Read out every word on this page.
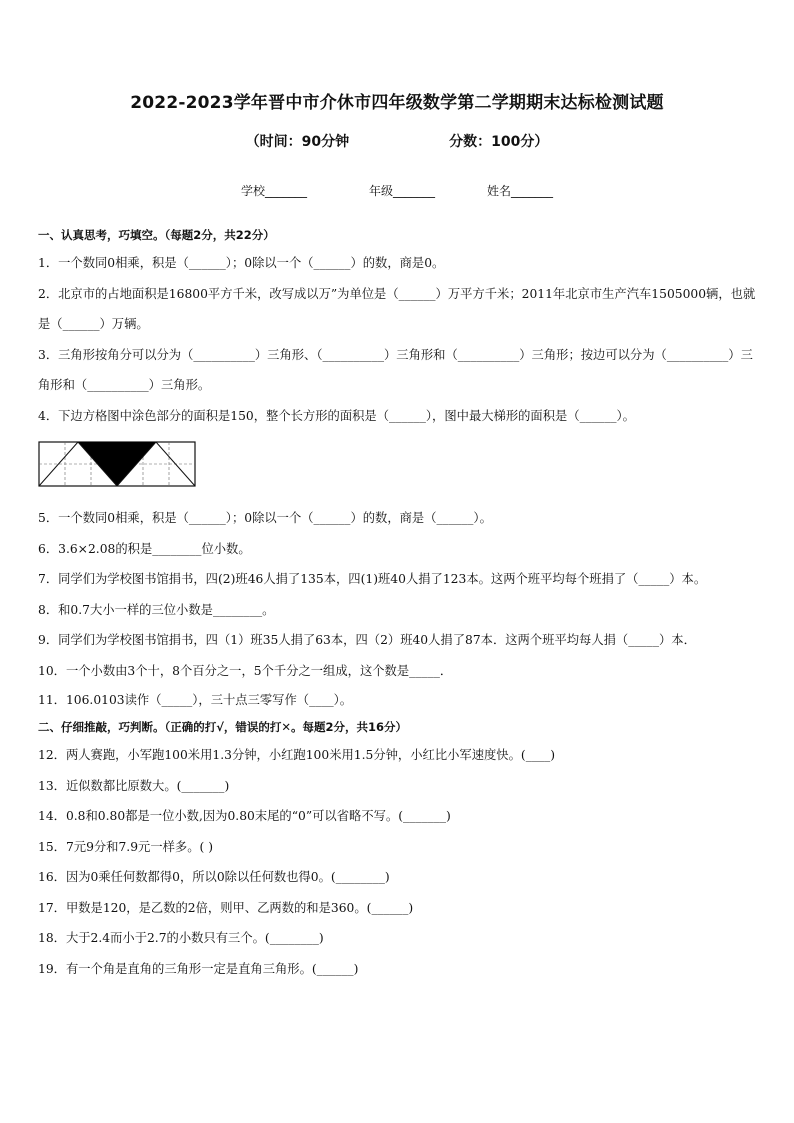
2022-2023学年晋中市介休市四年级数学第二学期期末达标检测试题
（时间：90分钟	分数：100分）
学校_______	年级_______	姓名_______

一、认真思考，巧填空。（每题2分，共22分）

1．一个数同0相乘，积是（______）；0除以一个（______）的数，商是0。

2．北京市的占地面积是16800平方千米，改写成以万”为单位是（______）万平方千米；2011年北京市生产汽车1505000辆，也就是（______）万辆。

3．三角形按角分可以分为（__________）三角形、（__________）三角形和（__________）三角形；按边可以分为（__________）三角形和（__________）三角形。

4．下边方格图中涂色部分的面积是150，整个长方形的面积是（______），图中最大梯形的面积是（______）。

5．一个数同0相乘，积是（______）；0除以一个（______）的数，商是（______）。

6．3.6×2.08的积是________位小数。

7．同学们为学校图书馆捐书，四(2)班46人捐了135本，四(1)班40人捐了123本。这两个班平均每个班捐了（_____）本。

8．和0.7大小一样的三位小数是________。

9．同学们为学校图书馆捐书，四（1）班35人捐了63本，四（2）班40人捐了87本．这两个班平均每人捐（_____）本．

10．一个小数由3个十，8个百分之一，5个千分之一组成，这个数是_____．

11．106.0103读作（_____），三十点三零写作（____）。

二、仔细推敲，巧判断。（正确的打√，错误的打✕。每题2分，共16分）

12．两人赛跑，小军跑100米用1.3分钟，小红跑100米用1.5分钟，小红比小军速度快。(____)

13．近似数都比原数大。(_______)

14．0.8和0.80都是一位小数,因为0.80末尾的“0”可以省略不写。(_______)

15．7元9分和7.9元一样多。( )

16．因为0乘任何数都得0，所以0除以任何数也得0。(________)

17．甲数是120，是乙数的2倍，则甲、乙两数的和是360。(______)

18．大于2.4而小于2.7的小数只有三个。(________)

19．有一个角是直角的三角形一定是直角三角形。(______)
